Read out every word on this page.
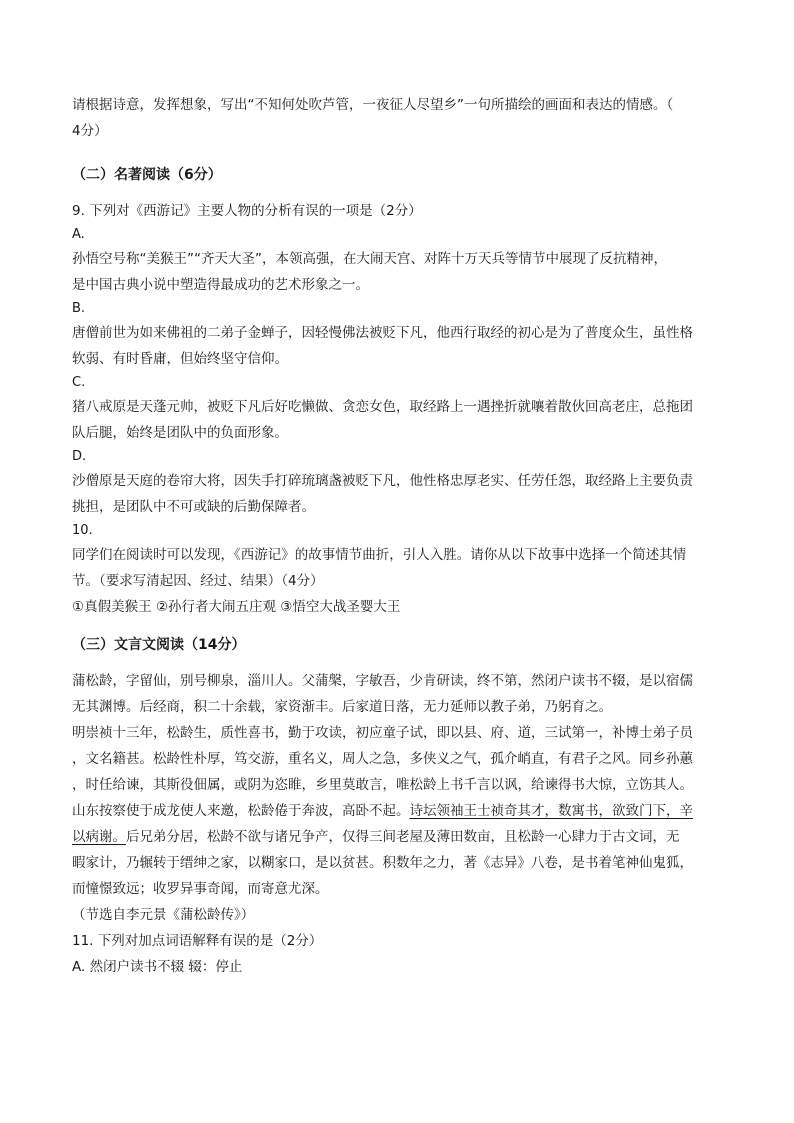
请根据诗意，发挥想象，写出“不知何处吹芦管，一夜征人尽望乡”一句所描绘的画面和表达的情感。（

4分）

（二）名著阅读（6分）

9. 下列对《西游记》主要人物的分析有误的一项是（2分）

A.

孙悟空号称“美猴王”“齐天大圣”，本领高强，在大闹天宫、对阵十万天兵等情节中展现了反抗精神，

是中国古典小说中塑造得最成功的艺术形象之一。

B.

唐僧前世为如来佛祖的二弟子金蝉子，因轻慢佛法被贬下凡，他西行取经的初心是为了普度众生，虽性格

软弱、有时昏庸，但始终坚守信仰。

C.

猪八戒原是天蓬元帅，被贬下凡后好吃懒做、贪恋女色，取经路上一遇挫折就嚷着散伙回高老庄，总拖团

队后腿，始终是团队中的负面形象。

D.

沙僧原是天庭的卷帘大将，因失手打碎琉璃盏被贬下凡，他性格忠厚老实、任劳任怨，取经路上主要负责

挑担，是团队中不可或缺的后勤保障者。

10.

同学们在阅读时可以发现，《西游记》的故事情节曲折，引人入胜。请你从以下故事中选择一个简述其情

节。（要求写清起因、经过、结果）（4分）

①真假美猴王 ②孙行者大闹五庄观 ③悟空大战圣婴大王

（三）文言文阅读（14分）

蒲松龄，字留仙，别号柳泉，淄川人。父蒲槃，字敏吾，少肯研读，终不第，然闭户读书不辍，是以宿儒

无其渊博。后经商，积二十余载，家资渐丰。后家道日落，无力延师以教子弟，乃躬育之。

明崇祯十三年，松龄生，质性喜书，勤于攻读，初应童子试，即以县、府、道，三试第一，补博士弟子员

，文名籍甚。松龄性朴厚，笃交游，重名义，周人之急，多侠义之气，孤介峭直，有君子之风。同乡孙蕙

，时任给谏，其斯役佃属，或阴为恣睢，乡里莫敢言，唯松龄上书千言以讽，给谏得书大惊，立饬其人。

山东按察使于成龙使人来邀，松龄倦于奔波，高卧不起。诗坛领袖王士祯奇其才，数寓书，欲致门下，辛

以病谢。后兄弟分居，松龄不欲与诸兄争产，仅得三间老屋及薄田数亩，且松龄一心肆力于古文词，无

暇家计，乃辗转于缙绅之家，以糊家口，是以贫甚。积数年之力，著《志异》八卷，是书着笔神仙鬼狐，

而憧憬致远；收罗异事奇闻，而寄意尤深。

（节选自李元景《蒲松龄传》）

11. 下列对加点词语解释有误的是（2分）

A. 然闭户读书不辍 辍：停止
